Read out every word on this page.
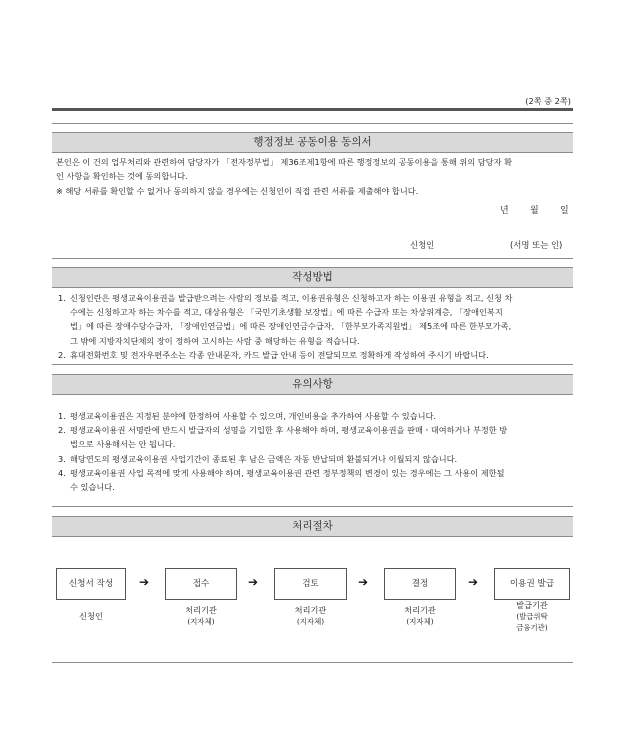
(2쪽 중 2쪽)
행정정보 공동이용 동의서
본인은 이 건의 업무처리와 관련하여 담당자가 「전자정부법」 제36조제1항에 따른 행정정보의 공동이용을 통해 위의 담당자 확
인 사항을 확인하는 것에 동의합니다.
※ 해당 서류를 확인할 수 없거나 동의하지 않을 경우에는 신청인이 직접 관련 서류를 제출해야 합니다.
년 월 일
신청인	(서명 또는 인)
작성방법
1. 신청인란은 평생교육이용권을 발급받으려는 사람의 정보를 적고, 이용권유형은 신청하고자 하는 이용권 유형을 적고, 신청 차
수에는 신청하고자 하는 차수를 적고, 대상유형은 「국민기초생활 보장법」에 따른 수급자 또는 차상위계층, 「장애인복지
법」에 따른 장애수당수급자, 「장애인연금법」에 따른 장애인연금수급자, 「한부모가족지원법」 제5조에 따른 한부모가족,
그 밖에 지방자치단체의 장이 정하여 고시하는 사람 중 해당하는 유형을 적습니다.
2. 휴대전화번호 및 전자우편주소는 각종 안내문자, 카드 발급 안내 등이 전달되므로 정확하게 작성하여 주시기 바랍니다.
유의사항
1. 평생교육이용권은 지정된 분야에 한정하여 사용할 수 있으며, 개인비용을 추가하여 사용할 수 있습니다.
2. 평생교육이용권 서명란에 반드시 발급자의 성명을 기입한 후 사용해야 하며, 평생교육이용권을 판매ㆍ대여하거나 부정한 방
법으로 사용해서는 안 됩니다.
3. 해당연도의 평생교육이용권 사업기간이 종료된 후 남은 금액은 자동 반납되며 환불되거나 이월되지 않습니다.
4. 평생교육이용권 사업 목적에 맞게 사용해야 하며, 평생교육이용권 관련 정부정책의 변경이 있는 경우에는 그 사용이 제한될
수 있습니다.
처리절차
신청서 작성	➔	접수	➔	검토	➔	결정	➔	이용권 발급
신청인
처리기관
(지자체)
처리기관
(지자체)
처리기관
(지자체)
발급기관
(발급위탁
금융기관)
